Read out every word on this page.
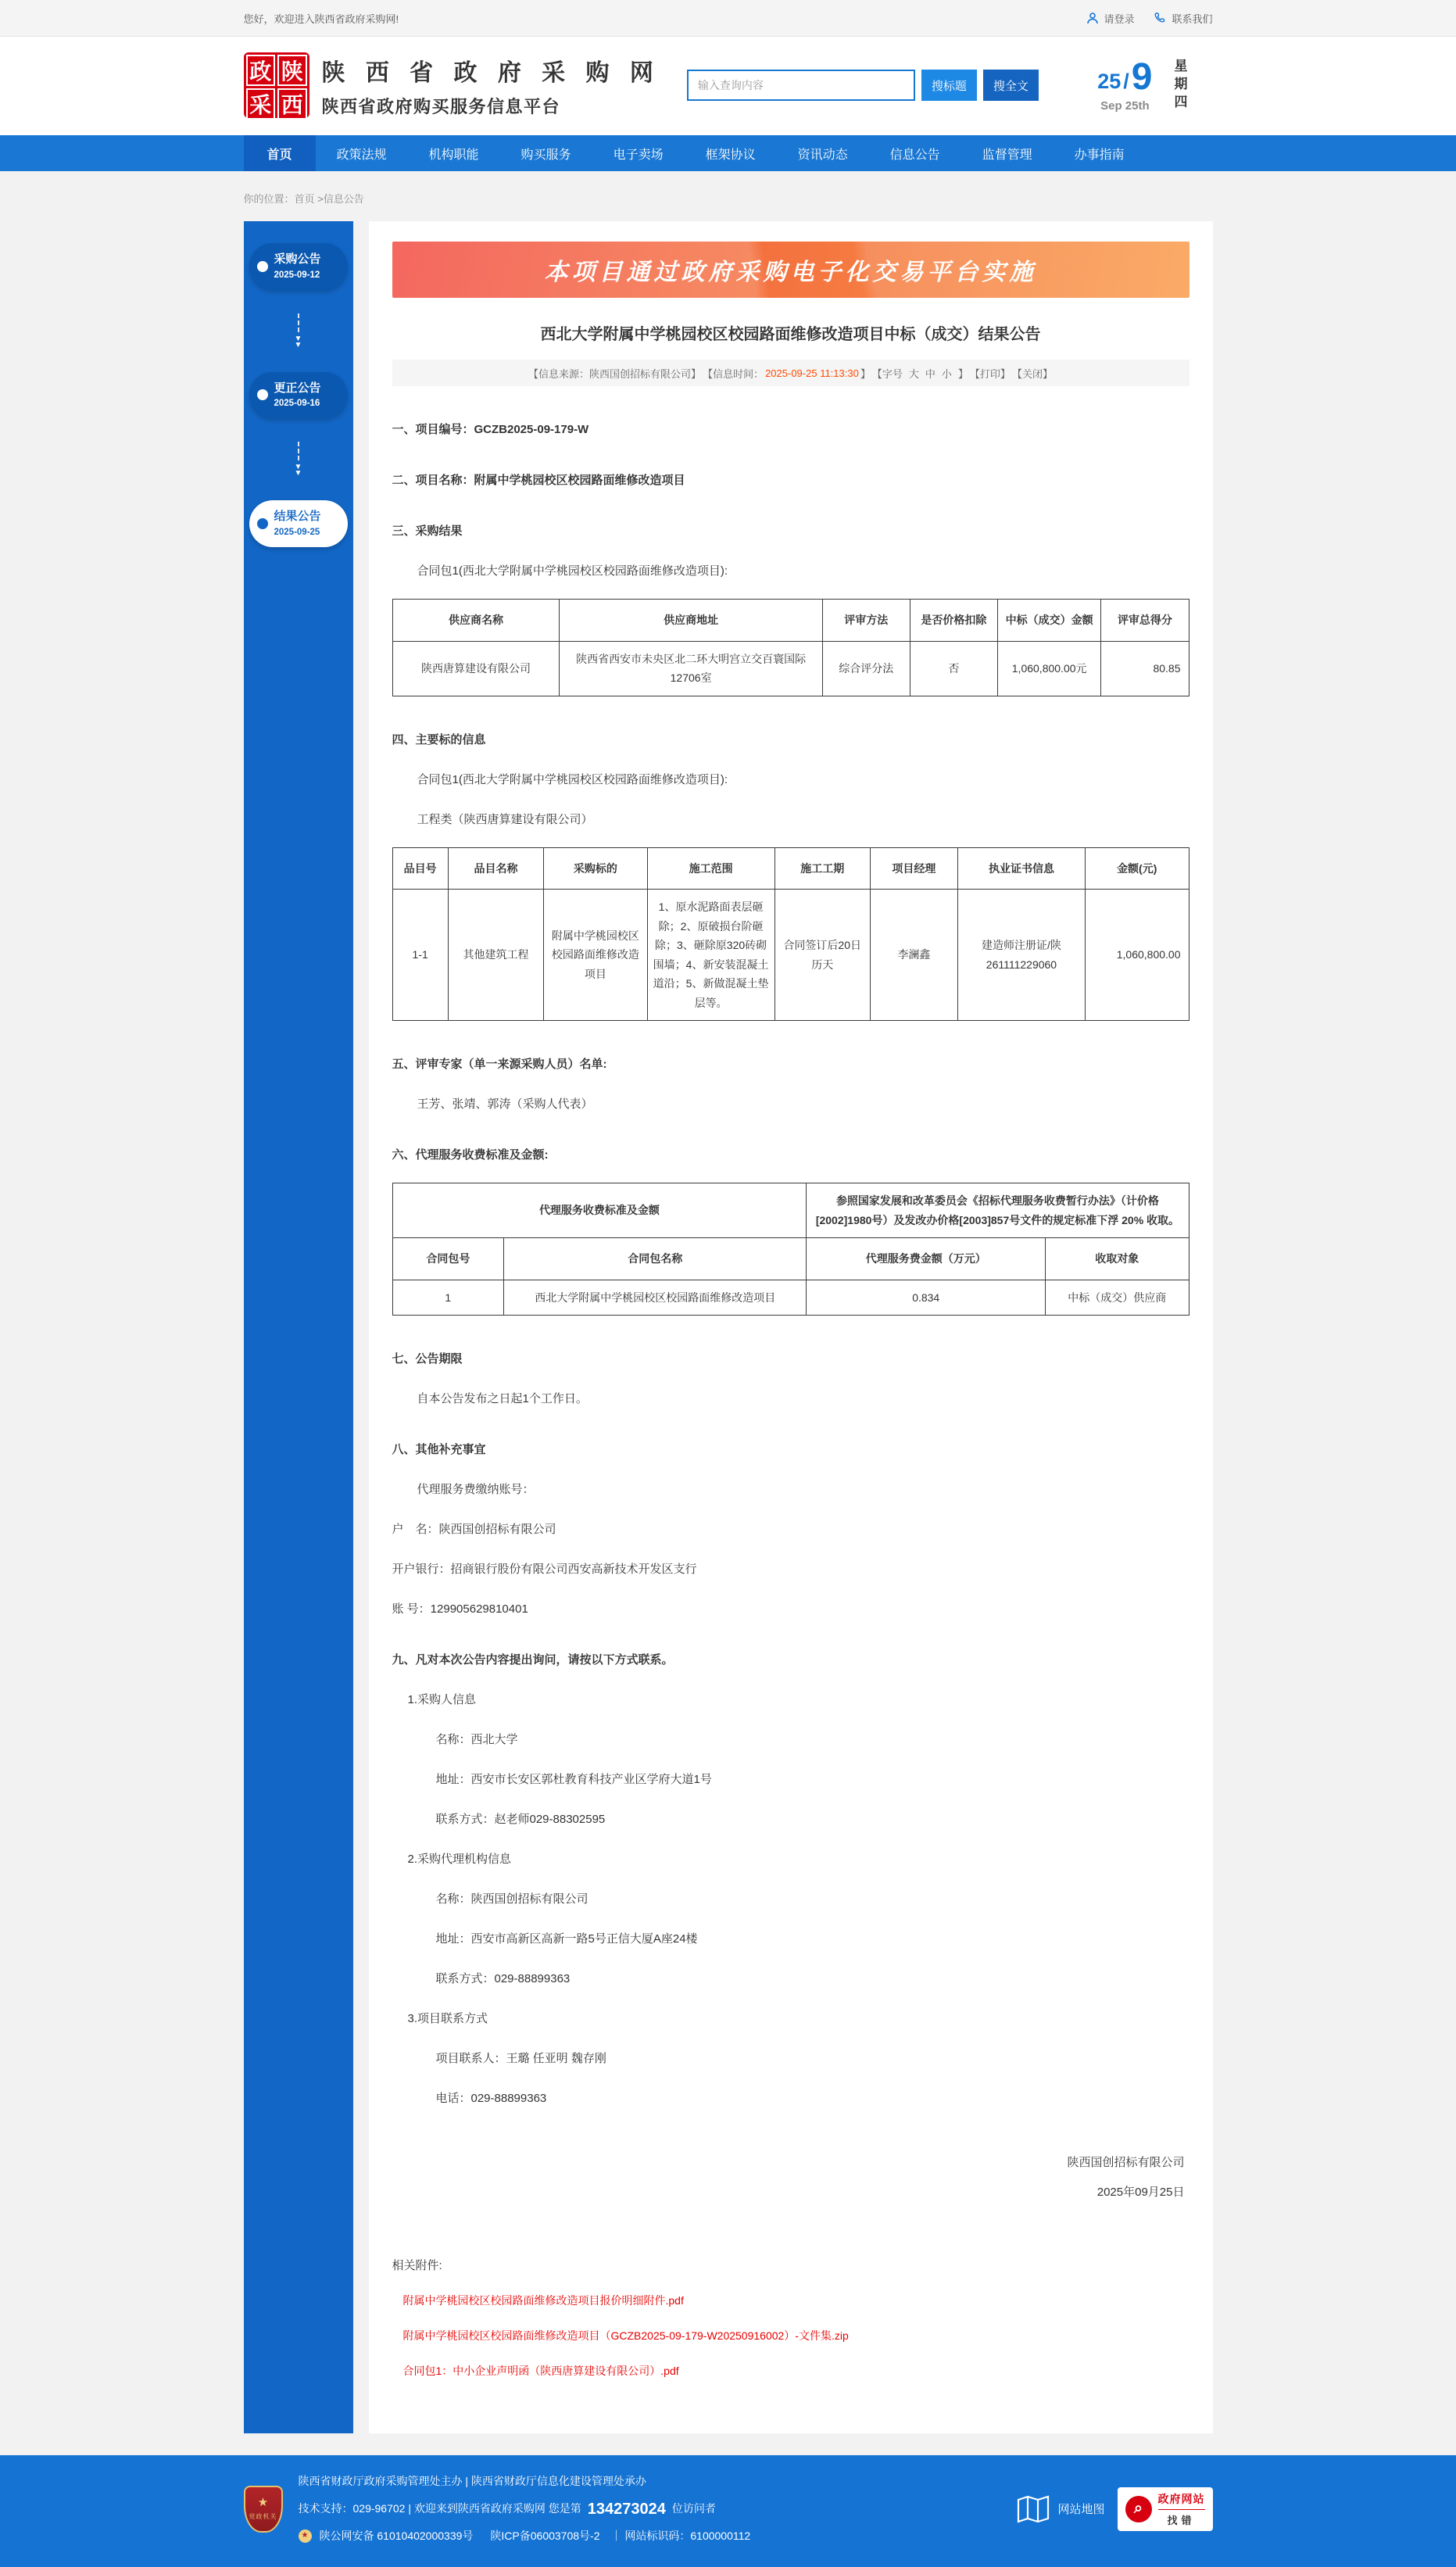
您好，欢迎进入陕西省政府采购网!	请登录	联系我们
政 陕
采 西
陕 西 省 政 府 采 购 网
陕西省政府购买服务信息平台
输入查询内容
搜标题	搜全文	25 / 9
Sep 25th 星期四
首页	政策法规	机构职能	购买服务	电子卖场	框架协议	资讯动态	信息公告	监督管理	办事指南
你的位置：首页 >信息公告
采购公告
2025-09-12
▼
▼
更正公告
2025-09-16
▼
▼
结果公告
2025-09-25
本项目通过政府采购电子化交易平台实施
西北大学附属中学桃园校区校园路面维修改造项目中标（成交）结果公告
【信息来源：陕西国创招标有限公司】 【信息时间： 2025-09-25 11:13:30 】 【字号 大 中 小 】 【打印】 【关闭】
一、项目编号：GCZB2025-09-179-W
二、项目名称：附属中学桃园校区校园路面维修改造项目
三、采购结果
合同包1(西北大学附属中学桃园校区校园路面维修改造项目):
供应商名称	供应商地址	评审方法	是否价格扣除	中标（成交）金额	评审总得分
陕西唐算建设有限公司	陕西省西安市未央区北二环大明宫立交百寰国际12706室	综合评分法	否	1,060,800.00元	80.85
四、主要标的信息
合同包1(西北大学附属中学桃园校区校园路面维修改造项目):
工程类（陕西唐算建设有限公司）
品目号	品目名称	采购标的	施工范围	施工工期	项目经理	执业证书信息	金额(元)
1-1	其他建筑工程	附属中学桃园校区校园路面维修改造项目	1、原水泥路面表层砸除；2、原破损台阶砸除；3、砸除原320砖砌围墙；4、新安装混凝土道沿；5、新做混凝土垫层等。	合同签订后20日历天	李澜鑫	建造师注册证/陕261111229060	1,060,800.00
五、评审专家（单一来源采购人员）名单:
王芳、张靖、郭涛（采购人代表）
六、代理服务收费标准及金额:
代理服务收费标准及金额		参照国家发展和改革委员会《招标代理服务收费暂行办法》（计价格[2002]1980号）及发改办价格[2003]857号文件的规定标准下浮 20% 收取。	
合同包号	合同包名称	代理服务费金额（万元）	收取对象
1	西北大学附属中学桃园校区校园路面维修改造项目	0.834	中标（成交）供应商
七、公告期限
自本公告发布之日起1个工作日。
八、其他补充事宜
代理服务费缴纳账号：
户　名：陕西国创招标有限公司
开户银行：招商银行股份有限公司西安高新技术开发区支行
账 号：129905629810401
九、凡对本次公告内容提出询问，请按以下方式联系。
1.采购人信息
名称：西北大学
地址：西安市长安区郭杜教育科技产业区学府大道1号
联系方式：赵老师029-88302595
2.采购代理机构信息
名称：陕西国创招标有限公司
地址：西安市高新区高新一路5号正信大厦A座24楼
联系方式：029-88899363
3.项目联系方式
项目联系人：王璐 任亚明 魏存刚
电话：029-88899363
陕西国创招标有限公司
2025年09月25日
相关附件:
附属中学桃园校区校园路面维修改造项目报价明细附件.pdf
附属中学桃园校区校园路面维修改造项目（GCZB2025-09-179-W20250916002）-文件集.zip
合同包1：中小企业声明函（陕西唐算建设有限公司）.pdf
★
党政机关
陕西省财政厅政府采购管理处主办 | 陕西省财政厅信息化建设管理处承办
技术支持：029-96702 | 欢迎来到陕西省政府采购网 您是第 134273024 位访问者
★ 陕公网安备 61010402000339号 陕ICP备06003708号-2 ｜ 网站标识码：6100000112
网站地图	⌕
政府网站
找错
